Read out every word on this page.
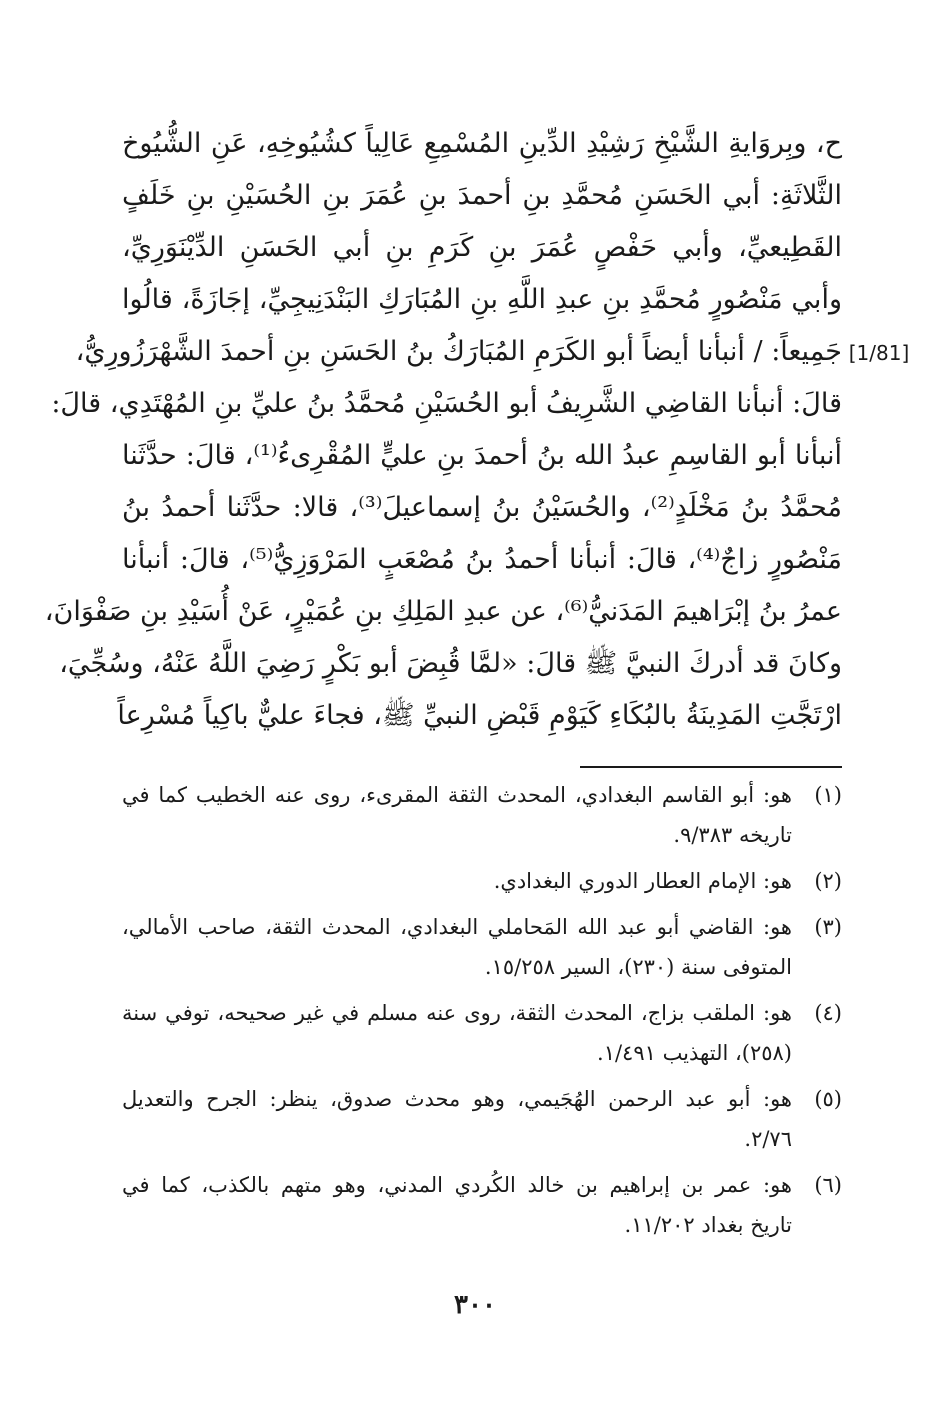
ح، وبِروَايةِ الشَّيْخِ رَشِيْدِ الدِّينِ المُسْمِعِ عَالِياً كشُيُوخِهِ، عَنِ الشُّيُوخ
الثَّلاثَةِ: أبي الحَسَنِ مُحمَّدِ بنِ أحمدَ بنِ عُمَرَ بنِ الحُسَيْنِ بنِ خَلَفٍ
القَطِيعيِّ، وأبي حَفْصٍ عُمَرَ بنِ كَرَمِ بنِ أبي الحَسَنِ الدِّيْنَوَرِيِّ،
وأبي مَنْصُورٍ مُحمَّدِ بنِ عبدِ اللَّهِ بنِ المُبَارَكِ البَنْدَنِيجِيِّ، إجَازَةً، قالُوا
جَمِيعاً: / أنبأنا أيضاً أبو الكَرَمِ المُبَارَكُ بنُ الحَسَنِ بنِ أحمدَ الشَّهْرَزُورِيُّ،
قالَ: أنبأنا القاضِي الشَّرِيفُ أبو الحُسَيْنِ مُحمَّدُ بنُ عليِّ بنِ المُهْتَدِي، قالَ:
أنبأنا أبو القاسِمِ عبدُ الله بنُ أحمدَ بنِ عليٍّ المُقْرِىءُ⁽¹⁾، قالَ: حدَّثَنا
مُحمَّدُ بنُ مَخْلَدٍ⁽²⁾، والحُسَيْنُ بنُ إسماعيلَ⁽³⁾، قالا: حدَّثَنا أحمدُ بنُ
مَنْصُورٍ زاجٌ⁽⁴⁾، قالَ: أنبأنا أحمدُ بنُ مُصْعَبٍ المَرْوَزِيُّ⁽⁵⁾، قالَ: أنبأنا
عمرُ بنُ إبْرَاهيمَ المَدَنيُّ⁽⁶⁾، عن عبدِ المَلِكِ بنِ عُمَيْرٍ، عَنْ أُسَيْدِ بنِ صَفْوَانَ،
وكانَ قد أدركَ النبيَّ ﷺ قالَ: «لمَّا قُبِضَ أبو بَكْرٍ رَضِيَ اللَّهُ عَنْهُ، وسُجِّيَ،
ارْتَجَّتِ المَدِينَةُ بالبُكَاءِ كَيَوْمِ قَبْضِ النبيِّ ﷺ، فجاءَ عليٌّ باكِياً مُسْرِعاً
[1/81]
(١)
هو: أبو القاسم البغدادي، المحدث الثقة المقرىء، روى عنه الخطيب كما في
تاريخه ٩/٣٨٣.
(٢)
هو: الإمام العطار الدوري البغدادي.
(٣)
هو: القاضي أبو عبد الله المَحاملي البغدادي، المحدث الثقة، صاحب الأمالي،
المتوفى سنة (٢٣٠)، السير ١٥/٢٥٨.
(٤)
هو: الملقب بزاج، المحدث الثقة، روى عنه مسلم في غير صحيحه، توفي سنة
(٢٥٨)، التهذيب ١/٤٩١.
(٥)
هو: أبو عبد الرحمن الهُجَيمي، وهو محدث صدوق، ينظر: الجرح والتعديل
٢/٧٦.
(٦)
هو: عمر بن إبراهيم بن خالد الكُردي المدني، وهو متهم بالكذب، كما في
تاريخ بغداد ١١/٢٠٢.
٣٠٠
